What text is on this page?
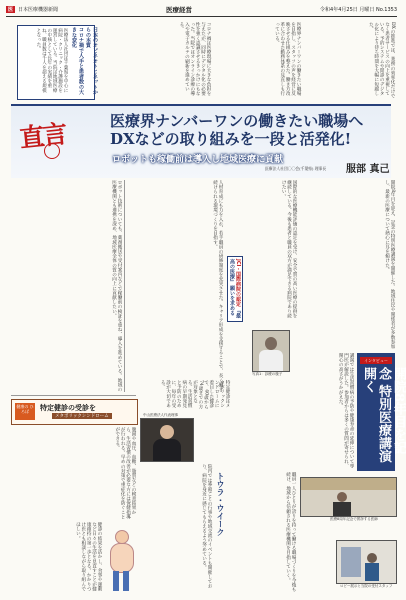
医	日本医療機器新聞	医療経営	令和4年4月25日 月曜日 No.1353
医療法人社団は千葉県を中心に病院・クリニック・介護施設を運営している。当院は地域医療の中核として長年の実績を重ね、職員数は千人を超える規模となった。	日本のオピネオトとネットからの本質
コロナ禍で人手と患者数の大きな変化	コロナ禍は医療現場に大きな負担を与えたが、同時にデジタル化の必要性を強く認識させるきっかけにもなった。当院ではオンライン診療の導入や電子カルテの刷新を進めている。	医療界ナンバーワンの働きたい職場を目指し、スタッフの声を経営に反映させる仕組みを整えた。働き方改革に合わせた勤務体系の見直しも行っている。	DXの推進では、業務の効率化だけでなく患者サービスの向上を重視している。予約システムや問診のデジタル化により待ち時間を大幅に短縮した。
直言	医療界ナンバーワンの働きたい職場へ
DXなどの取り組みを一段と活発化!
ロボットも稼働前は導入し地域医療に貢献
医療法人社団〇〇会(千葉県) 理事長 服部 真己
ロボット技術についても、薬剤搬送や受付案内などで稼働前の検証を重ね、導入を進めている。地域の医療機関とも連携を深め、地域医療全体の質の向上に貢献したい。	人材育成にも力を入れ、若手職員の研修制度を充実させた。キャリア形成を支援することで、長く働き続けられる環境づくりを目指す。	国際的な医療機能評価の認定を受け、安全で質の高い医療の提供を継続している。今後も患者と職員の双方が満足できる病院であり続けたい。	開院8年目を迎え、記念の特別医療講演を開催した。地域住民や関係者が多数参加し、最新の医療について熱心に耳を傾けた。
JCI・国際病院の認定 『最高の医療』 願いを求める
写真1：診療の様子
インタビュー
開院8年目を記念 特別医療講演開く
講演では生活習慣病の予防や健康寿命の延伸について専門医が解説した。参加者からは多くの質問が寄せられ、関心の高さがうかがえた。
特定健診はメタボリックシンドロームに着目した健診で、40歳から74歳までの方が対象となる。生活習慣病の早期発見と予防のために、毎年の受診が大切である。
健康の ひろば	特定健診の受診を
メタボリックシンドローム
腹囲や血圧、血糖、脂質などの検査結果から、生活習慣の改善が必要な方には保健指導が行われる。早めの対策で重症化を防ぐことができる。
健診の結果を活かし、食事や運動など日々の生活を見直すことが健康維持の第一歩となる。かかりつけ医とも相談しながら取り組んでほしい。
中山医療法人代表理事
院内では季節ごとの行事や地域交流のイベントも開催しており、病院を身近に感じてもらえるよう努めている。	トウラ・ウイーク	職員一人ひとりが誇りを持って働ける職場づくりを今後も続け、地域から信頼される医療機関を目指していく。	医療8周年記念で挨拶する医師
ロビー展示と当院の受付スタッフ
